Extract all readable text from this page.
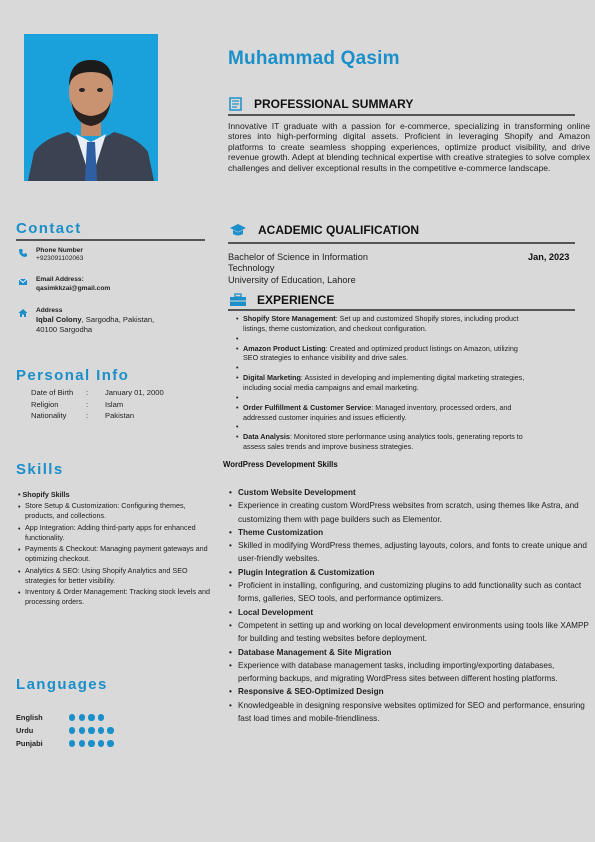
Muhammad Qasim
PROFESSIONAL SUMMARY
Innovative IT graduate with a passion for e-commerce, specializing in transforming online stores into high-performing digital assets. Proficient in leveraging Shopify and Amazon platforms to create seamless shopping experiences, optimize product visibility, and drive revenue growth. Adept at blending technical expertise with creative strategies to solve complex challenges and deliver exceptional results in the competitive e-commerce landscape.
Contact
Phone Number
+923091102063
Email Address:
qasimkkzai@gmail.com
Address
Iqbal Colony, Sargodha, Pakistan,
40100 Sargodha
Personal Info
Date of Birth	:	January 01, 2000
Religion	:	Islam
Nationality	:	Pakistan
Skills
• Shopify Skills
• Store Setup & Customization: Configuring themes, products, and collections.
• App Integration: Adding third-party apps for enhanced functionality.
• Payments & Checkout: Managing payment gateways and optimizing checkout.
• Analytics & SEO: Using Shopify Analytics and SEO strategies for better visibility.
• Inventory & Order Management: Tracking stock levels and processing orders.
Languages
English
Urdu
Punjabi
ACADEMIC QUALIFICATION
Bachelor of Science in Information
Technology
University of Education, Lahore
Jan, 2023
EXPERIENCE
• Shopify Store Management: Set up and customized Shopify stores, including product listings, theme customization, and checkout configuration.
•
• Amazon Product Listing: Created and optimized product listings on Amazon, utilizing SEO strategies to enhance visibility and drive sales.
•
• Digital Marketing: Assisted in developing and implementing digital marketing strategies, including social media campaigns and email marketing.
•
• Order Fulfillment & Customer Service: Managed inventory, processed orders, and addressed customer inquiries and issues efficiently.
•
• Data Analysis: Monitored store performance using analytics tools, generating reports to assess sales trends and improve business strategies.
WordPress Development Skills
• Custom Website Development
• Experience in creating custom WordPress websites from scratch, using themes like Astra, and customizing them with page builders such as Elementor.
• Theme Customization
• Skilled in modifying WordPress themes, adjusting layouts, colors, and fonts to create unique and user-friendly websites.
• Plugin Integration & Customization
• Proficient in installing, configuring, and customizing plugins to add functionality such as contact forms, galleries, SEO tools, and performance optimizers.
• Local Development
• Competent in setting up and working on local development environments using tools like XAMPP for building and testing websites before deployment.
• Database Management & Site Migration
• Experience with database management tasks, including importing/exporting databases, performing backups, and migrating WordPress sites between different hosting platforms.
• Responsive & SEO-Optimized Design
• Knowledgeable in designing responsive websites optimized for SEO and performance, ensuring fast load times and mobile-friendliness.
